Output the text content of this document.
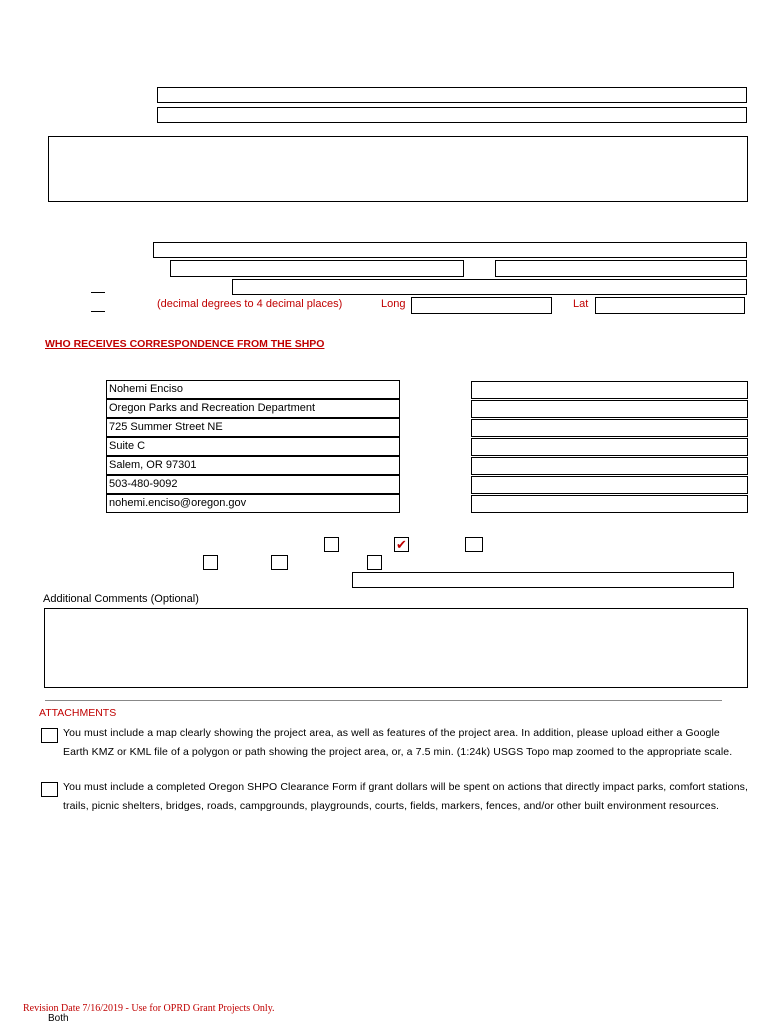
(decimal degrees to 4 decimal places)	Long	Lat
WHO RECEIVES CORRESPONDENCE FROM THE SHPO
Nohemi Enciso
Oregon Parks and Recreation Department
725 Summer Street NE
Suite C
Salem, OR 97301
503-480-9092
nohemi.enciso@oregon.gov
✔
Additional Comments (Optional)
ATTACHMENTS
You must include a map clearly showing the project area, as well as features of the project area. In addition, please upload either a Google Earth KMZ or KML file of a polygon or path showing the project area, or, a 7.5 min. (1:24k) USGS Topo map zoomed to the appropriate scale.
You must include a completed Oregon SHPO Clearance Form if grant dollars will be spent on actions that directly impact parks, comfort stations, trails, picnic shelters, bridges, roads, campgrounds, playgrounds, courts, fields, markers, fences, and/or other built environment resources.
Revision Date 7/16/2019 - Use for OPRD Grant Projects Only.
Both
